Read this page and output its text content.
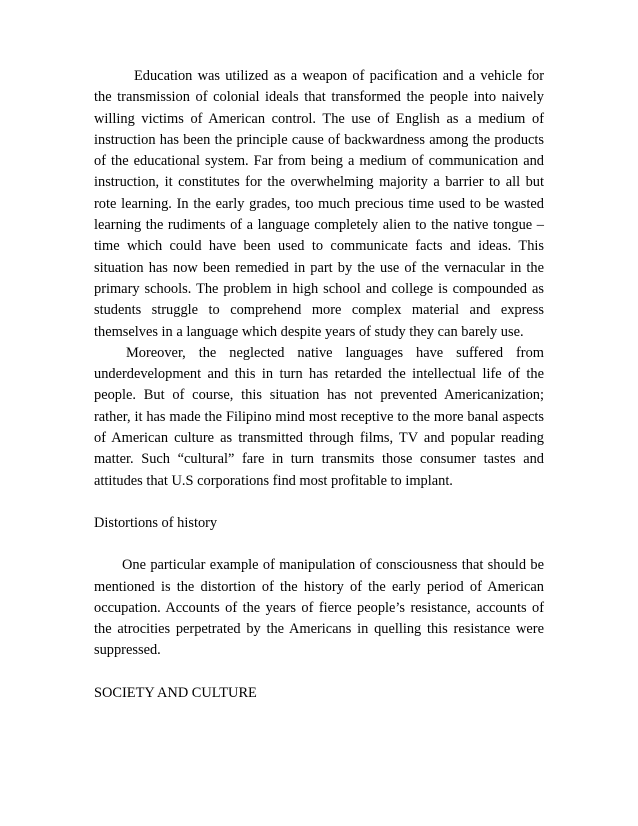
Education was utilized as a weapon of pacification and a vehicle for the transmission of colonial ideals that transformed the people into naively willing victims of American control. The use of English as a medium of instruction has been the principle cause of backwardness among the products of the educational system. Far from being a medium of communication and instruction, it constitutes for the overwhelming majority a barrier to all but rote learning. In the early grades, too much precious time used to be wasted learning the rudiments of a language completely alien to the native tongue – time which could have been used to communicate facts and ideas. This situation has now been remedied in part by the use of the vernacular in the primary schools. The problem in high school and college is compounded as students struggle to comprehend more complex material and express themselves in a language which despite years of study they can barely use.

Moreover, the neglected native languages have suffered from underdevelopment and this in turn has retarded the intellectual life of the people. But of course, this situation has not prevented Americanization; rather, it has made the Filipino mind most receptive to the more banal aspects of American culture as transmitted through films, TV and popular reading matter. Such “cultural” fare in turn transmits those consumer tastes and attitudes that U.S corporations find most profitable to implant.

Distortions of history

One particular example of manipulation of consciousness that should be mentioned is the distortion of the history of the early period of American occupation. Accounts of the years of fierce people’s resistance, accounts of the atrocities perpetrated by the Americans in quelling this resistance were suppressed.

SOCIETY AND CULTURE
